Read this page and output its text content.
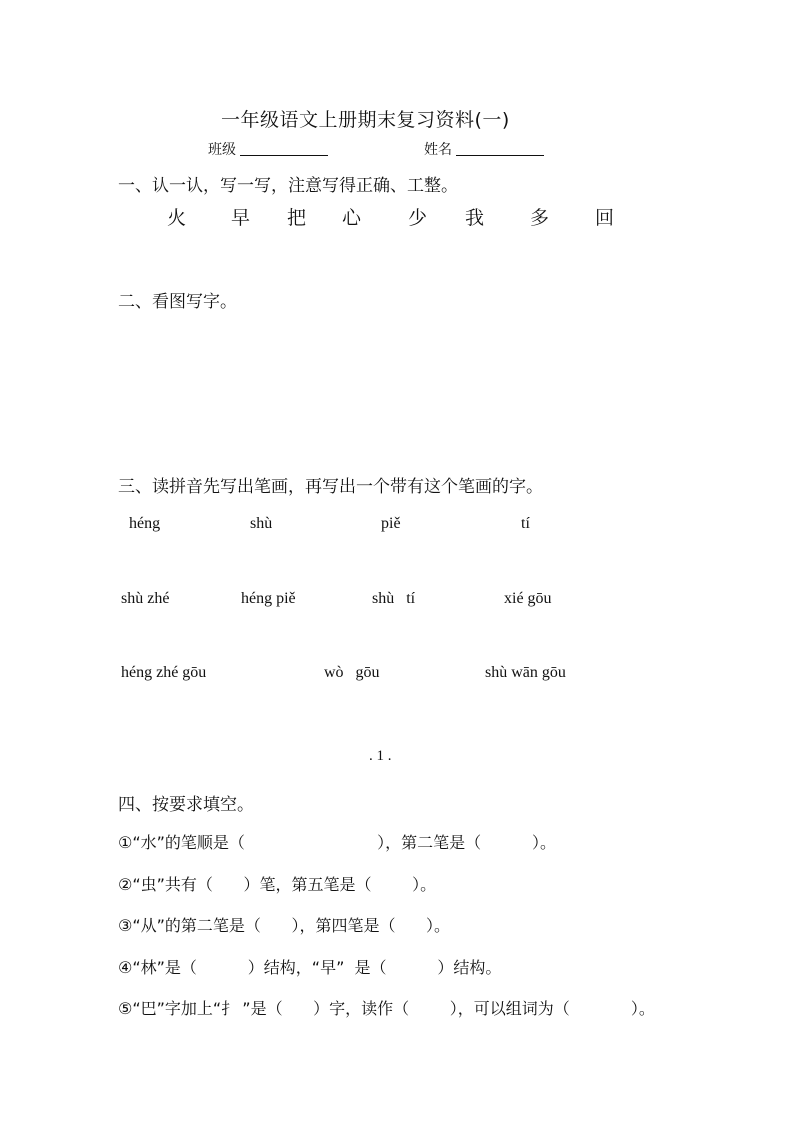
一年级语文上册期末复习资料(一)
班级	姓名
一、认一认，写一写，注意写得正确、工整。
火 早 把 心 少 我 多 回
二、看图写字。
三、读拼音先写出笔画，再写出一个带有这个笔画的字。
héng	shù	piě	tí
shù zhé	héng piě	shù   tí	xié gōu
héng zhé gōu	wò   gōu	shù wān gōu
. 1 .
四、按要求填空。
①“水”的笔顺是（                          ），第二笔是（          ）。
②“虫”共有（      ）笔，第五笔是（        ）。
③“从”的第二笔是（      ），第四笔是（      ）。
④“林”是（          ）结构，“早”  是（          ）结构。
⑤“巴”字加上“扌 ”是（      ）字，读作（        ），可以组词为（            ）。
